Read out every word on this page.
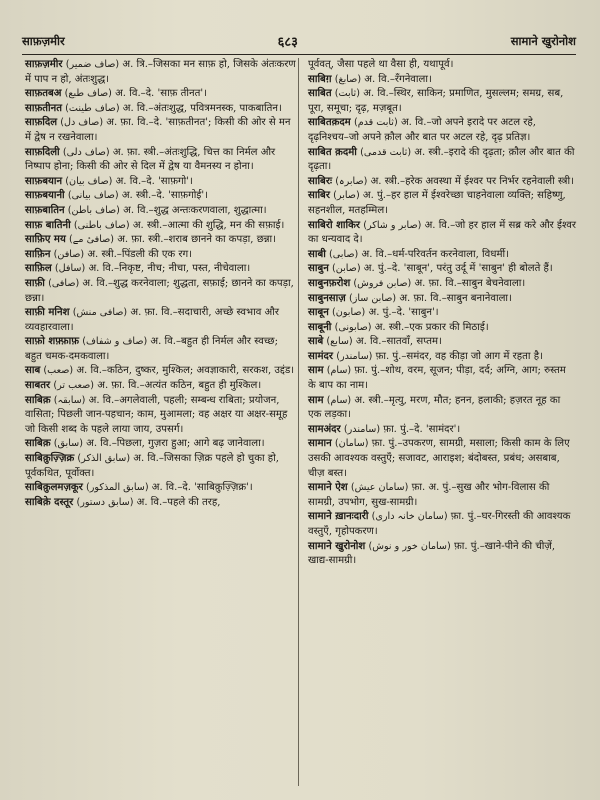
साफ़ज़मीर	६८३	सामाने खुरोनोश

साफ़ज़मीर (صاف ضمیر) अ. त्रि.–जिसका मन साफ़ हो, जिसके अंतःकरण में पाप न हो, अंतःशुद्ध।

साफ़तबअ (صاف طبع) अ. वि.–दे. 'साफ़ तीनत'।

साफ़तीनत (صاف طینت) अ. वि.–अंतःशुद्ध, पवित्रमनस्क, पाकबातिन।

साफ़दिल (صاف دل) अ. फ़ा. वि.–दे. 'साफ़तीनत'; किसी की ओर से मन में द्वेष न रखनेवाला।

साफ़दिली (صاف دلی) अ. फ़ा. स्त्री.–अंतःशुद्धि, चित्त का निर्मल और निष्पाप होना; किसी की ओर से दिल में द्वेष या वैमनस्य न होना।

साफ़बयान (صاف بیان) अ. वि.–दे. 'साफ़गो'।

साफ़बयानी (صاف بیانی) अ. स्त्री.–दे. 'साफ़गोई'।

साफ़बातिन (صاف باطن) अ. वि.–शुद्ध अन्तःकरणवाला, शुद्धात्मा।

साफ़ बातिनी (صاف باطنی) अ. स्त्री.–आत्मा की शुद्धि, मन की सफ़ाई।

साफ़िए मय (صافیٔ مے) अ. फ़ा. स्त्री.–शराब छानने का कपड़ा, छन्ना।

साफ़िन (صافن) अ. स्त्री.–पिंडली की एक रग।

साफ़िल (سافل) अ. वि.–निकृष्ट, नीच; नीचा, पस्त, नीचेवाला।

साफ़ी (صافی) अ. वि.–शुद्ध करनेवाला; शुद्धता, सफ़ाई; छानने का कपड़ा, छन्ना।

साफ़ी मनिश (صافی منش) अ. फ़ा. वि.–सदाचारी, अच्छे स्वभाव और व्यवहारवाला।

साफ़ो शफ़्फ़ाफ़ (صاف و شفاف) अ. वि.–बहुत ही निर्मल और स्वच्छ; बहुत चमक-दमकवाला।

साब (صعب) अ. वि.–कठिन, दुष्कर, मुश्किल; अवज्ञाकारी, सरकश, उद्दंड।

साबतर (صعب تر) अ. फ़ा. वि.–अत्यंत कठिन, बहुत ही मुश्किल।

साबिक़ (سابقہ) अ. वि.–अगलेवाली, पहली; सम्बन्ध राबिता; प्रयोजन, वासिता; पिछली जान-पहचान; काम, मुआमला; वह अक्षर या अक्षर-समूह जो किसी शब्द के पहले लाया जाय, उपसर्ग।

साबिक़ (سابق) अ. वि.–पिछला, गुज़रा हुआ; आगे बढ़ जानेवाला।

साबिक़ुज़्ज़िक्र (سابق الذکر) अ. वि.–जिसका ज़िक्र पहले हो चुका हो, पूर्वकथित, पूर्वोक्त।

साबिक़ुलमज़कूर (سابق المذکور) अ. वि.–दे. 'साबिक़ुज़्ज़िक्र'।

साबिक़े दस्तूर (سابق دستور) अ. वि.–पहले की तरह,

पूर्ववत्, जैसा पहले था वैसा ही, यथापूर्व।

साबिग़ (صابغ) अ. वि.–रँगनेवाला।

साबित (ثابت) अ. वि.–स्थिर, साकिन; प्रमाणित, मुसल्लम; समग्र, सब, पूरा, समूचा; दृढ़, मज़बूत।

साबितक़दम (ثابت قدم) अ. वि.–जो अपने इरादे पर अटल रहे, दृढ़निश्चय–जो अपने क़ौल और बात पर अटल रहे, दृढ़ प्रतिज्ञ।

साबित क़दमी (ثابت قدمی) अ. स्त्री.–इरादे की दृढ़ता; क़ौल और बात की दृढ़ता।

साबिरः (صابرہ) अ. स्त्री.–हरेक अवस्था में ईश्वर पर निर्भर रहनेवाली स्त्री।

साबिर (صابر) अ. पुं.–हर हाल में ईश्वरेच्छा चाहनेवाला व्यक्ति; सहिष्णु, सहनशील, मतहम्मिल।

साबिरो शाकिर (صابر و شاکر) अ. वि.–जो हर हाल में सब्र करे और ईश्वर का धन्यवाद दे।

साबी (صابی) अ. वि.–धर्म-परिवर्तन करनेवाला, विधर्मी।

साबुन (صابن) अ. पुं.–दे. 'साबून', परंतु उर्दू में 'साबुन' ही बोलते हैं।

साबुनफ़रोश (صابن فروش) अ. फ़ा. वि.–साबुन बेचनेवाला।

साबुनसाज़ (صابن ساز) अ. फ़ा. वि.–साबुन बनानेवाला।

साबून (صابون) अ. पुं.–दे. 'साबुन'।

साबूनी (صابونی) अ. स्त्री.–एक प्रकार की मिठाई।

साबे (سابع) अ. वि.–सातवाँ, सप्तम।

सामंदर (سامندر) फ़ा. पुं.–समंदर, वह कीड़ा जो आग में रहता है।

साम (سام) फ़ा. पुं.–शोथ, वरम, सूजन; पीड़ा, दर्द; अग्नि, आग; रुस्तम के बाप का नाम।

साम (سام) अ. स्त्री.–मृत्यु, मरण, मौत; हनन, हलाकी; हज़रत नूह का एक लड़का।

सामअंदर (سامندر) फ़ा. पुं.–दे. 'सामंदर'।

सामान (سامان) फ़ा. पुं.–उपकरण, सामग्री, मसाला; किसी काम के लिए उसकी आवश्यक वस्तुएँ; सजावट, आराइश; बंदोबस्त, प्रबंध; असबाब, चीज़ बस्त।

सामाने ऐश (سامان عیش) फ़ा. अ. पुं.–सुख और भोग-विलास की सामग्री, उपभोग, सुख-सामग्री।

सामाने ख़ानःदारी (سامان خانہ داری) फ़ा. पुं.–घर-गिरस्ती की आवश्यक वस्तुएँ, गृहोपकरण।

सामाने खुरोनोश (سامان خور و نوش) फ़ा. पुं.–खाने-पीने की चीज़ें, खाद्य-सामग्री।
